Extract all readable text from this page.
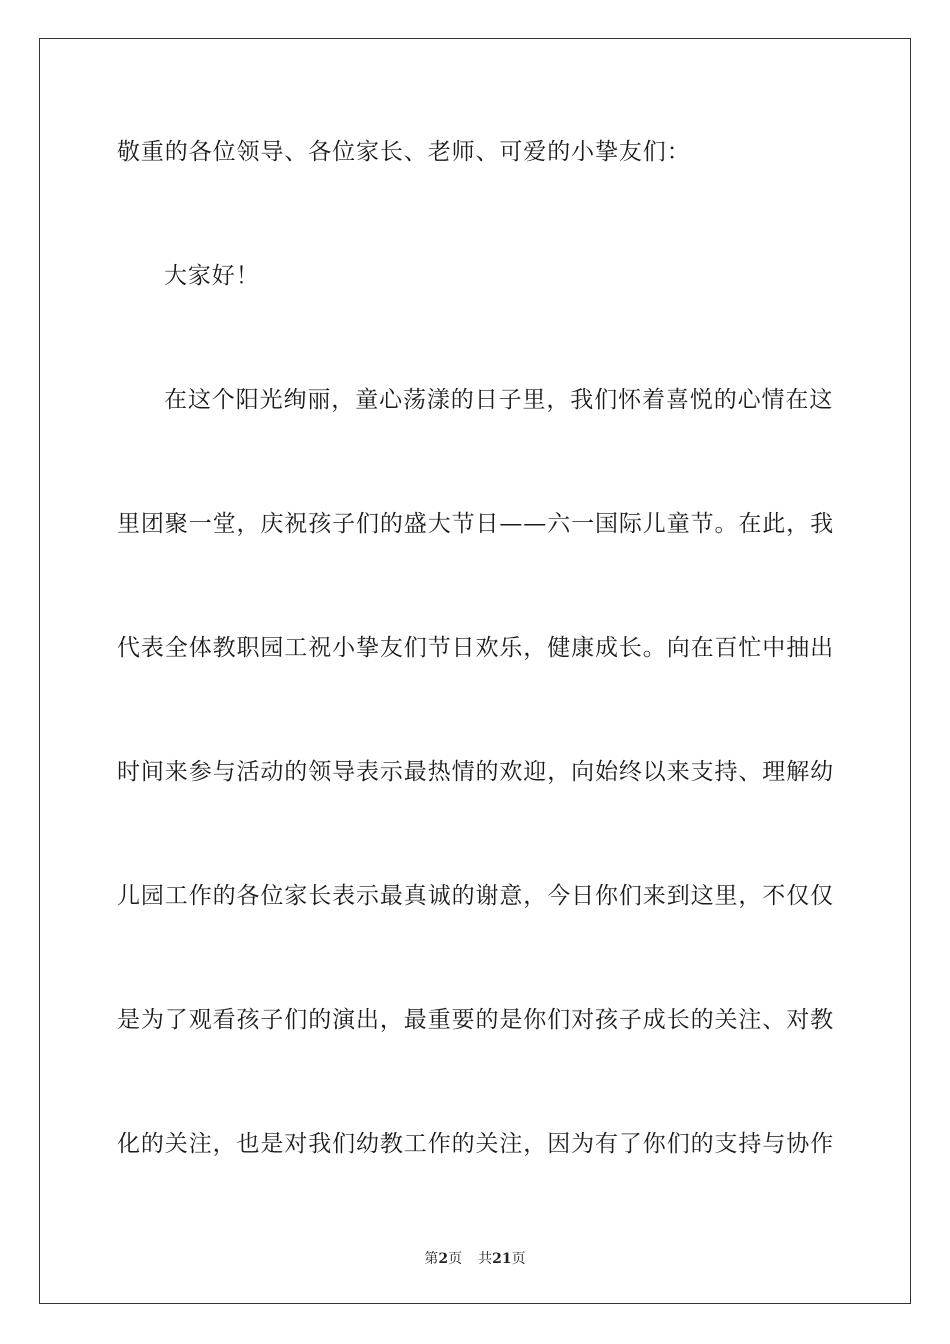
敬重的各位领导、各位家长、老师、可爱的小挚友们：
大家好！
在这个阳光绚丽，童心荡漾的日子里，我们怀着喜悦的心情在这
里团聚一堂，庆祝孩子们的盛大节日——六一国际儿童节。在此，我
代表全体教职园工祝小挚友们节日欢乐，健康成长。向在百忙中抽出
时间来参与活动的领导表示最热情的欢迎，向始终以来支持、理解幼
儿园工作的各位家长表示最真诚的谢意，今日你们来到这里，不仅仅
是为了观看孩子们的演出，最重要的是你们对孩子成长的关注、对教
化的关注，也是对我们幼教工作的关注，因为有了你们的支持与协作
第2页 共21页
